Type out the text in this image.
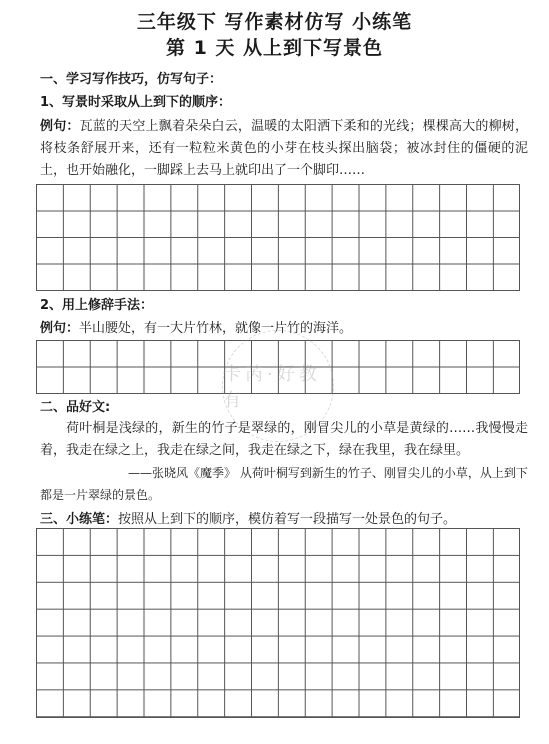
三年级下 写作素材仿写 小练笔
第 1 天 从上到下写景色
一、学习写作技巧，仿写句子：
1、写景时采取从上到下的顺序：
例句：瓦蓝的天空上飘着朵朵白云，温暖的太阳洒下柔和的光线；棵棵高大的柳树，将枝条舒展开来，还有一粒粒米黄色的小芽在枝头探出脑袋；被冰封住的僵硬的泥土，也开始融化，一脚踩上去马上就印出了一个脚印……
2、用上修辞手法：
例句：半山腰处，有一大片竹林，就像一片竹的海洋。
卡芮·好教有
二、品好文:
荷叶桐是浅绿的，新生的竹子是翠绿的，刚冒尖儿的小草是黄绿的……我慢慢走着，我走在绿之上，我走在绿之间，我走在绿之下，绿在我里，我在绿里。
——张晓风《魔季》 从荷叶桐写到新生的竹子、刚冒尖儿的小草，从上到下都是一片翠绿的景色。
三、小练笔：按照从上到下的顺序，模仿着写一段描写一处景色的句子。
